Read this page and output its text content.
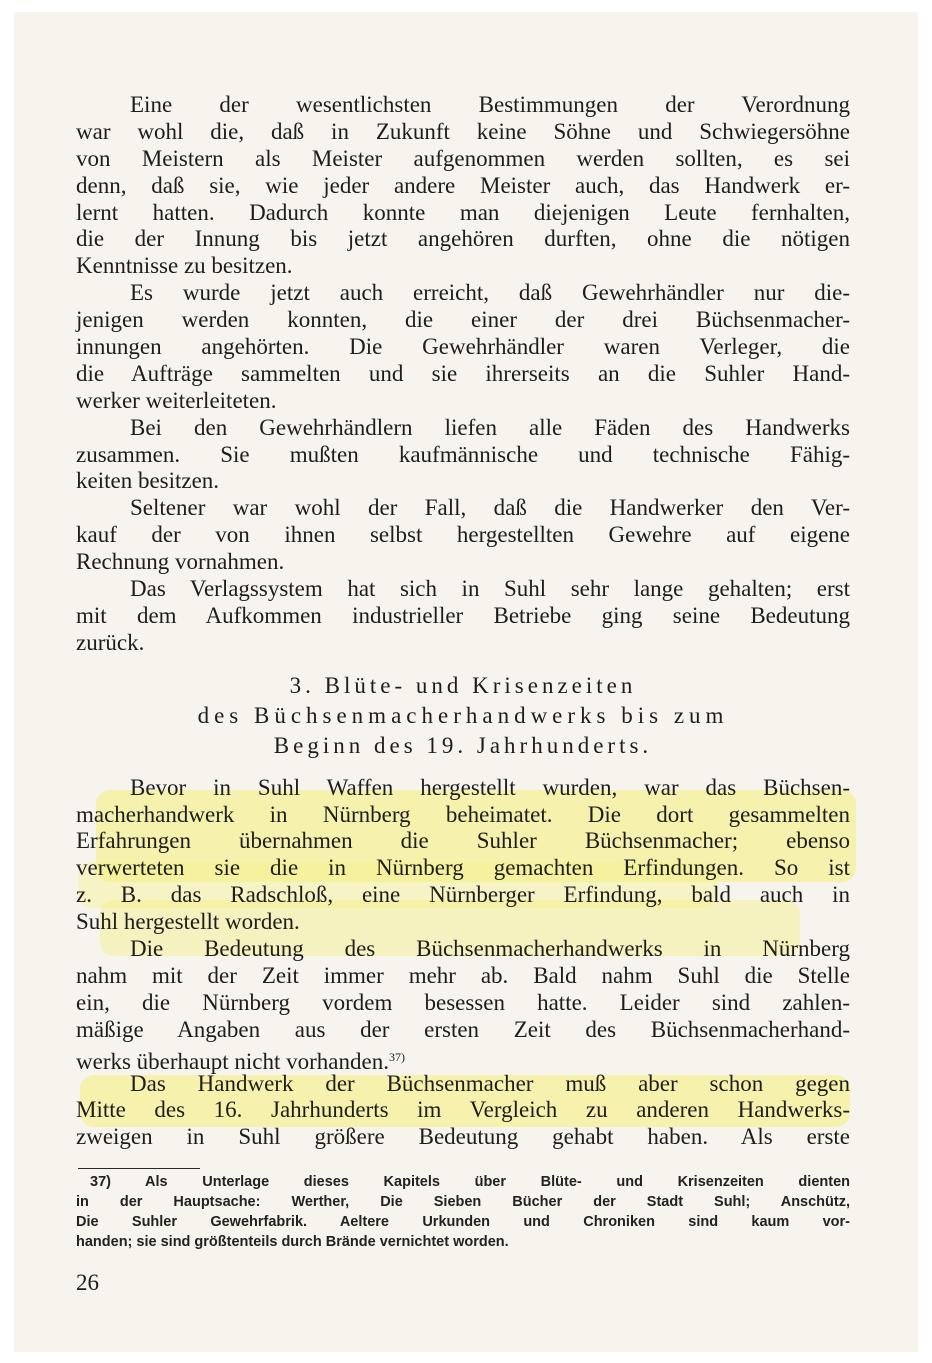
Eine der wesentlichsten Bestimmungen der Verordnung
war wohl die, daß in Zukunft keine Söhne und Schwiegersöhne
von Meistern als Meister aufgenommen werden sollten, es sei
denn, daß sie, wie jeder andere Meister auch, das Handwerk er-
lernt hatten. Dadurch konnte man diejenigen Leute fernhalten,
die der Innung bis jetzt angehören durften, ohne die nötigen
Kenntnisse zu besitzen.
Es wurde jetzt auch erreicht, daß Gewehrhändler nur die-
jenigen werden konnten, die einer der drei Büchsenmacher-
innungen angehörten. Die Gewehrhändler waren Verleger, die
die Aufträge sammelten und sie ihrerseits an die Suhler Hand-
werker weiterleiteten.
Bei den Gewehrhändlern liefen alle Fäden des Handwerks
zusammen. Sie mußten kaufmännische und technische Fähig-
keiten besitzen.
Seltener war wohl der Fall, daß die Handwerker den Ver-
kauf der von ihnen selbst hergestellten Gewehre auf eigene
Rechnung vornahmen.
Das Verlagssystem hat sich in Suhl sehr lange gehalten; erst
mit dem Aufkommen industrieller Betriebe ging seine Bedeutung
zurück.
3. Blüte- und Krisenzeiten
des Büchsenmacherhandwerks bis zum
Beginn des 19. Jahrhunderts.
Bevor in Suhl Waffen hergestellt wurden, war das Büchsen-
macherhandwerk in Nürnberg beheimatet. Die dort gesammelten
Erfahrungen übernahmen die Suhler Büchsenmacher; ebenso
verwerteten sie die in Nürnberg gemachten Erfindungen. So ist
z. B. das Radschloß, eine Nürnberger Erfindung, bald auch in
Suhl hergestellt worden.
Die Bedeutung des Büchsenmacherhandwerks in Nürnberg
nahm mit der Zeit immer mehr ab. Bald nahm Suhl die Stelle
ein, die Nürnberg vordem besessen hatte. Leider sind zahlen-
mäßige Angaben aus der ersten Zeit des Büchsenmacherhand-
werks überhaupt nicht vorhanden.$^{37)}$
Das Handwerk der Büchsenmacher muß aber schon gegen
Mitte des 16. Jahrhunderts im Vergleich zu anderen Handwerks-
zweigen in Suhl größere Bedeutung gehabt haben. Als erste
37) Als Unterlage dieses Kapitels über Blüte- und Krisenzeiten dienten
in der Hauptsache: Werther, Die Sieben Bücher der Stadt Suhl; Anschütz,
Die Suhler Gewehrfabrik. Aeltere Urkunden und Chroniken sind kaum vor-
handen; sie sind größtenteils durch Brände vernichtet worden.
26
